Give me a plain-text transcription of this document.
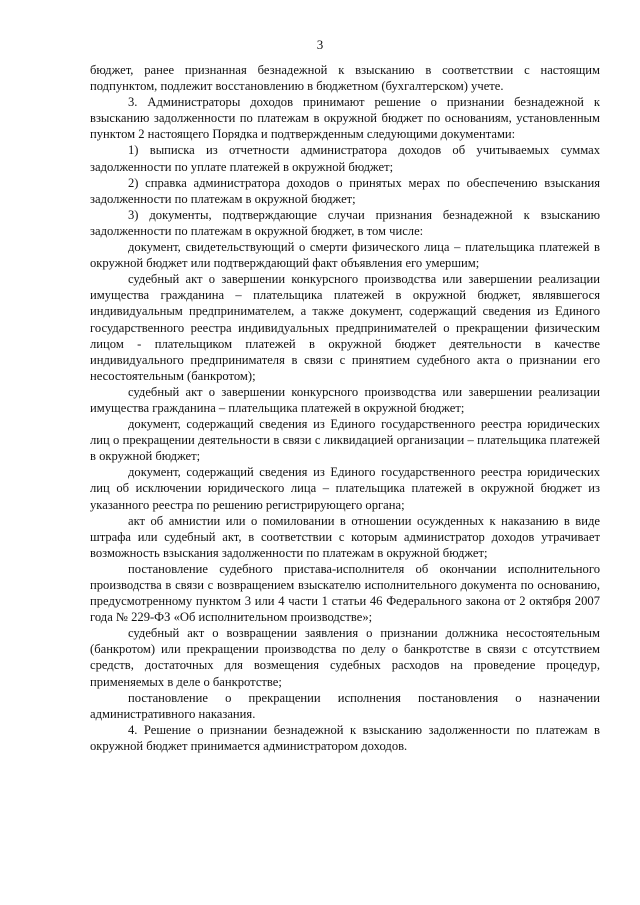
3

бюджет, ранее признанная безнадежной к взысканию в соответствии с настоящим подпунктом, подлежит восстановлению в бюджетном (бухгалтерском) учете.

3. Администраторы доходов принимают решение о признании безнадежной к взысканию задолженности по платежам в окружной бюджет по основаниям, установленным пунктом 2 настоящего Порядка и подтвержденным следующими документами:

1) выписка из отчетности администратора доходов об учитываемых суммах задолженности по уплате платежей в окружной бюджет;

2) справка администратора доходов о принятых мерах по обеспечению взыскания задолженности по платежам в окружной бюджет;

3) документы, подтверждающие случаи признания безнадежной к взысканию задолженности по платежам в окружной бюджет, в том числе:

документ, свидетельствующий о смерти физического лица – плательщика платежей в окружной бюджет или подтверждающий факт объявления его умершим;

судебный акт о завершении конкурсного производства или завершении реализации имущества гражданина – плательщика платежей в окружной бюджет, являвшегося индивидуальным предпринимателем, а также документ, содержащий сведения из Единого государственного реестра индивидуальных предпринимателей о прекращении физическим лицом - плательщиком платежей в окружной бюджет деятельности в качестве индивидуального предпринимателя в связи с принятием судебного акта о признании его несостоятельным (банкротом);

судебный акт о завершении конкурсного производства или завершении реализации имущества гражданина – плательщика платежей в окружной бюджет;

документ, содержащий сведения из Единого государственного реестра юридических лиц о прекращении деятельности в связи с ликвидацией организации – плательщика платежей в окружной бюджет;

документ, содержащий сведения из Единого государственного реестра юридических лиц об исключении юридического лица – плательщика платежей в окружной бюджет из указанного реестра по решению регистрирующего органа;

акт об амнистии или о помиловании в отношении осужденных к наказанию в виде штрафа или судебный акт, в соответствии с которым администратор доходов утрачивает возможность взыскания задолженности по платежам в окружной бюджет;

постановление судебного пристава-исполнителя об окончании исполнительного производства в связи с возвращением взыскателю исполнительного документа по основанию, предусмотренному пунктом 3 или 4 части 1 статьи 46 Федерального закона от 2 октября 2007 года № 229-ФЗ «Об исполнительном производстве»;

судебный акт о возвращении заявления о признании должника несостоятельным (банкротом) или прекращении производства по делу о банкротстве в связи с отсутствием средств, достаточных для возмещения судебных расходов на проведение процедур, применяемых в деле о банкротстве;

постановление о прекращении исполнения постановления о назначении административного наказания.

4. Решение о признании безнадежной к взысканию задолженности по платежам в окружной бюджет принимается администратором доходов.
